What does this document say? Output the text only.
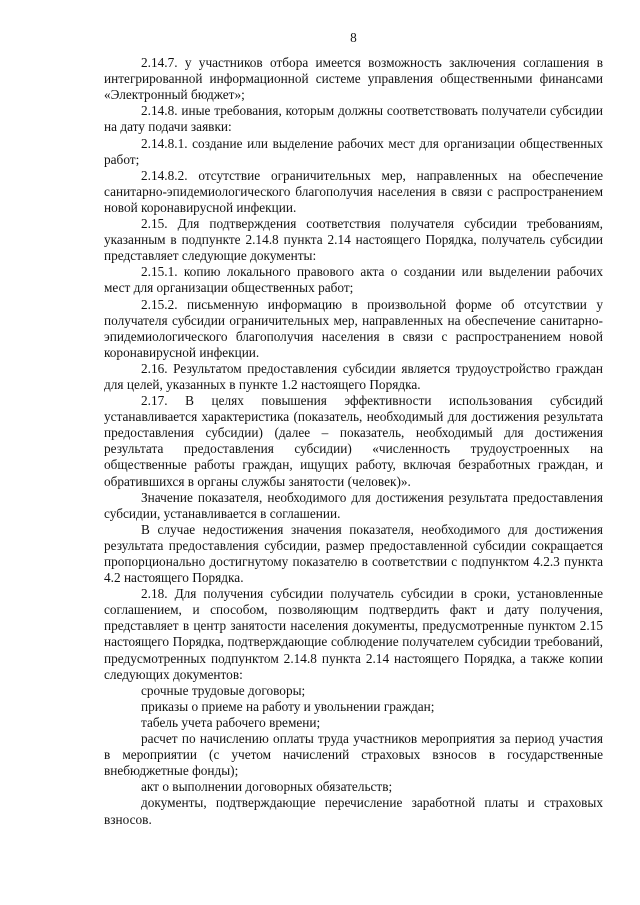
8

2.14.7. у участников отбора имеется возможность заключения соглашения в интегрированной информационной системе управления общественными финансами «Электронный бюджет»;

2.14.8. иные требования, которым должны соответствовать получатели субсидии на дату подачи заявки:

2.14.8.1. создание или выделение рабочих мест для организации общественных работ;

2.14.8.2. отсутствие ограничительных мер, направленных на обеспечение санитарно-эпидемиологического благополучия населения в связи с распространением новой коронавирусной инфекции.

2.15. Для подтверждения соответствия получателя субсидии требованиям, указанным в подпункте 2.14.8 пункта 2.14 настоящего Порядка, получатель субсидии представляет следующие документы:

2.15.1. копию локального правового акта о создании или выделении рабочих мест для организации общественных работ;

2.15.2. письменную информацию в произвольной форме об отсутствии у получателя субсидии ограничительных мер, направленных на обеспечение санитарно-эпидемиологического благополучия населения в связи с распространением новой коронавирусной инфекции.

2.16. Результатом предоставления субсидии является трудоустройство граждан для целей, указанных в пункте 1.2 настоящего Порядка.

2.17. В целях повышения эффективности использования субсидий устанавливается характеристика (показатель, необходимый для достижения результата предоставления субсидии) (далее – показатель, необходимый для достижения результата предоставления субсидии) «численность трудоустроенных на общественные работы граждан, ищущих работу, включая безработных граждан, и обратившихся в органы службы занятости (человек)».

Значение показателя, необходимого для достижения результата предоставления субсидии, устанавливается в соглашении.

В случае недостижения значения показателя, необходимого для достижения результата предоставления субсидии, размер предоставленной субсидии сокращается пропорционально достигнутому показателю в соответствии с подпунктом 4.2.3 пункта 4.2 настоящего Порядка.

2.18. Для получения субсидии получатель субсидии в сроки, установленные соглашением, и способом, позволяющим подтвердить факт и дату получения, представляет в центр занятости населения документы, предусмотренные пунктом 2.15 настоящего Порядка, подтверждающие соблюдение получателем субсидии требований, предусмотренных подпунктом 2.14.8 пункта 2.14 настоящего Порядка, а также копии следующих документов:

срочные трудовые договоры;

приказы о приеме на работу и увольнении граждан;

табель учета рабочего времени;

расчет по начислению оплаты труда участников мероприятия за период участия в мероприятии (с учетом начислений страховых взносов в государственные внебюджетные фонды);

акт о выполнении договорных обязательств;

документы, подтверждающие перечисление заработной платы и страховых взносов.
